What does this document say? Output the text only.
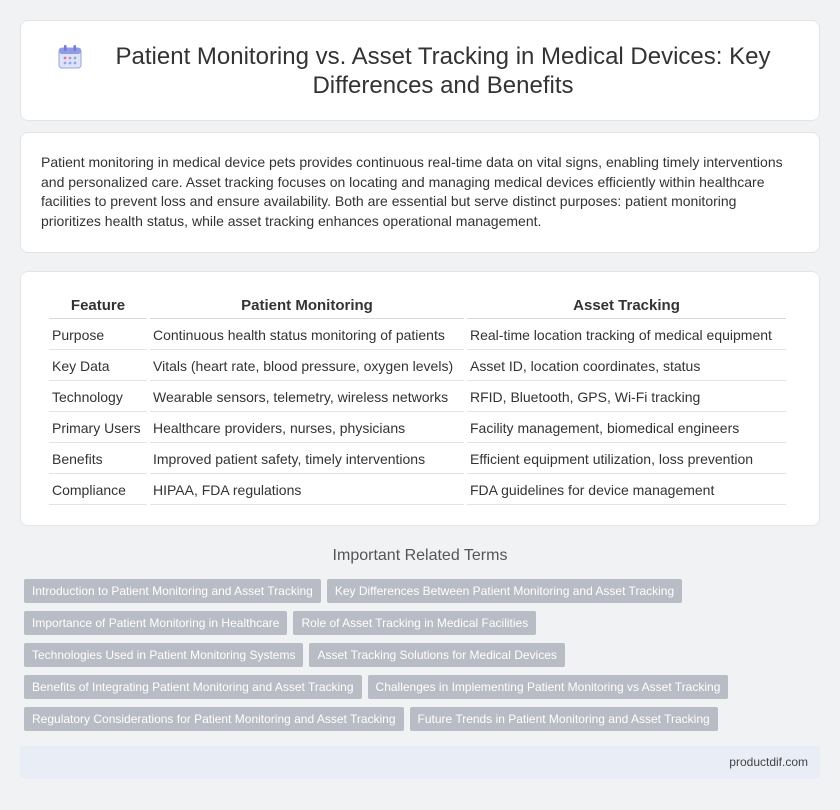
Patient Monitoring vs. Asset Tracking in Medical Devices: Key Differences and Benefits

Patient monitoring in medical device pets provides continuous real-time data on vital signs, enabling timely interventions and personalized care. Asset tracking focuses on locating and managing medical devices efficiently within healthcare facilities to prevent loss and ensure availability. Both are essential but serve distinct purposes: patient monitoring prioritizes health status, while asset tracking enhances operational management.

Feature	Patient Monitoring	Asset Tracking
Purpose	Continuous health status monitoring of patients	Real-time location tracking of medical equipment
Key Data	Vitals (heart rate, blood pressure, oxygen levels)	Asset ID, location coordinates, status
Technology	Wearable sensors, telemetry, wireless networks	RFID, Bluetooth, GPS, Wi-Fi tracking
Primary Users	Healthcare providers, nurses, physicians	Facility management, biomedical engineers
Benefits	Improved patient safety, timely interventions	Efficient equipment utilization, loss prevention
Compliance	HIPAA, FDA regulations	FDA guidelines for device management
Important Related Terms
Introduction to Patient Monitoring and Asset Tracking	Key Differences Between Patient Monitoring and Asset Tracking
Importance of Patient Monitoring in Healthcare	Role of Asset Tracking in Medical Facilities
Technologies Used in Patient Monitoring Systems	Asset Tracking Solutions for Medical Devices
Benefits of Integrating Patient Monitoring and Asset Tracking	Challenges in Implementing Patient Monitoring vs Asset Tracking
Regulatory Considerations for Patient Monitoring and Asset Tracking	Future Trends in Patient Monitoring and Asset Tracking
productdif.com
